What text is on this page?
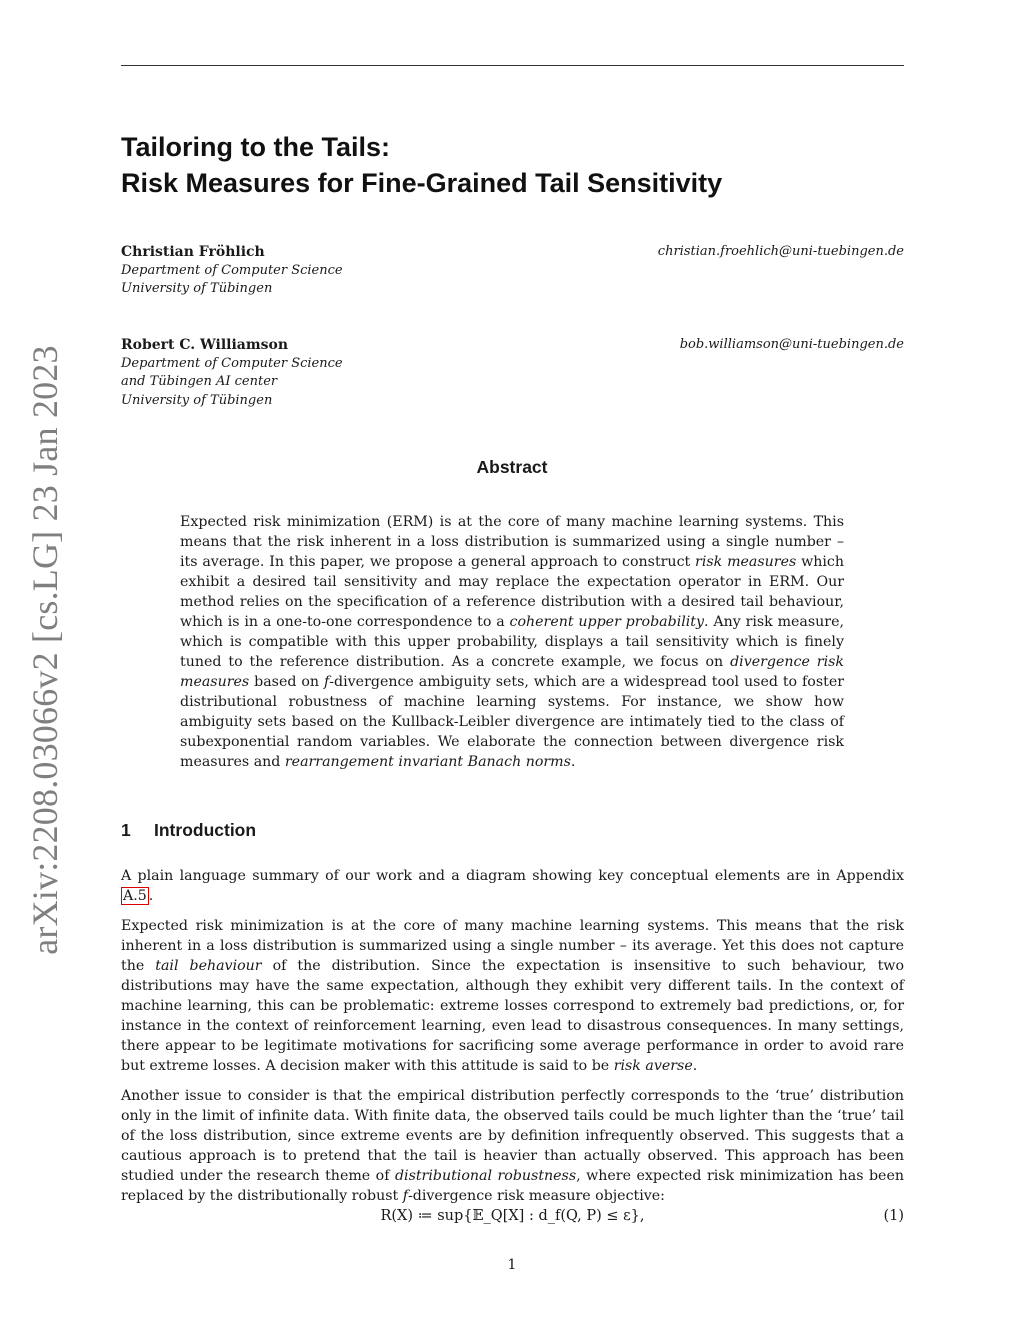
arXiv:2208.03066v2 [cs.LG] 23 Jan 2023
Tailoring to the Tails:
Risk Measures for Fine-Grained Tail Sensitivity
Christian Fröhlich	christian.froehlich@uni-tuebingen.de
Department of Computer Science
University of Tübingen
Robert C. Williamson	bob.williamson@uni-tuebingen.de
Department of Computer Science
and Tübingen AI center
University of Tübingen
Abstract
Expected risk minimization (ERM) is at the core of many machine learning systems. This means that the risk inherent in a loss distribution is summarized using a single number – its average. In this paper, we propose a general approach to construct risk measures which exhibit a desired tail sensitivity and may replace the expectation operator in ERM. Our method relies on the specification of a reference distribution with a desired tail behaviour, which is in a one-to-one correspondence to a coherent upper probability. Any risk measure, which is compatible with this upper probability, displays a tail sensitivity which is finely tuned to the reference distribution. As a concrete example, we focus on divergence risk measures based on f-divergence ambiguity sets, which are a widespread tool used to foster distributional robustness of machine learning systems. For instance, we show how ambiguity sets based on the Kullback-Leibler divergence are intimately tied to the class of subexponential random variables. We elaborate the connection between divergence risk measures and rearrangement invariant Banach norms.
1 Introduction

A plain language summary of our work and a diagram showing key conceptual elements are in Appendix A.5 .

Expected risk minimization is at the core of many machine learning systems. This means that the risk inherent in a loss distribution is summarized using a single number – its average. Yet this does not capture the tail behaviour of the distribution. Since the expectation is insensitive to such behaviour, two distributions may have the same expectation, although they exhibit very different tails. In the context of machine learning, this can be problematic: extreme losses correspond to extremely bad predictions, or, for instance in the context of reinforcement learning, even lead to disastrous consequences. In many settings, there appear to be legitimate motivations for sacrificing some average performance in order to avoid rare but extreme losses. A decision maker with this attitude is said to be risk averse.

Another issue to consider is that the empirical distribution perfectly corresponds to the ‘true’ distribution only in the limit of infinite data. With finite data, the observed tails could be much lighter than the ‘true’ tail of the loss distribution, since extreme events are by definition infrequently observed. This suggests that a cautious approach is to pretend that the tail is heavier than actually observed. This approach has been studied under the research theme of distributional robustness, where expected risk minimization has been replaced by the distributionally robust f-divergence risk measure objective:

R(X) ≔ sup{𝔼_Q[X] : d_f(Q, P) ≤ ε},	(1)
1
